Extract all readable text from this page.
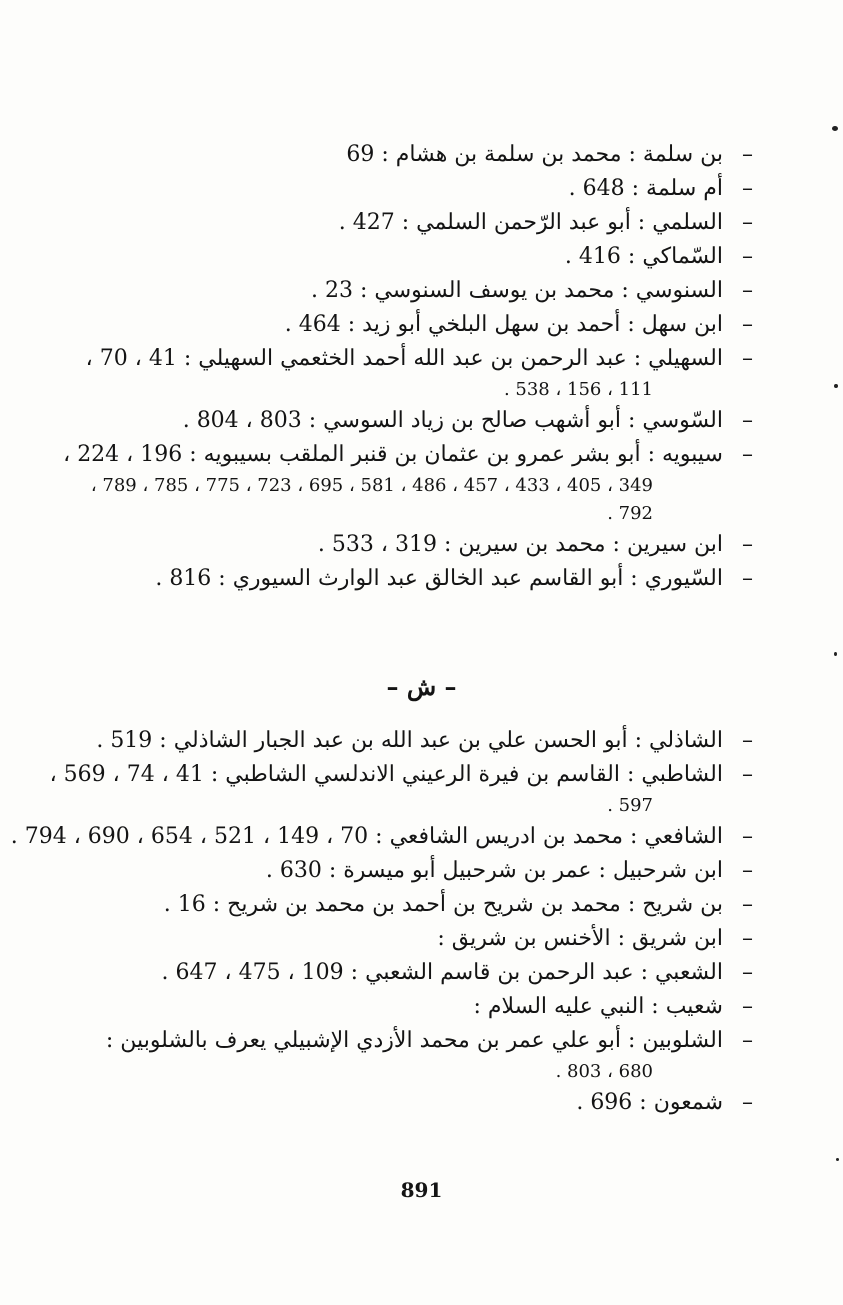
–
بن سلمة : محمد بن سلمة بن هشام : 69
–
أم سلمة : 648 .
–
السلمي : أبو عبد الرّحمن السلمي : 427 .
–
السّماكي : 416 .
–
السنوسي : محمد بن يوسف السنوسي : 23 .
–
ابن سهل : أحمد بن سهل البلخي أبو زيد : 464 .
–
السهيلي : عبد الرحمن بن عبد الله أحمد الخثعمي السهيلي : 41 ، 70 ،
111 ، 156 ، 538 .
–
السّوسي : أبو أشهب صالح بن زياد السوسي : 803 ، 804 .
–
سيبويه : أبو بشر عمرو بن عثمان بن قنبر الملقب بسيبويه : 196 ، 224 ،
349 ، 405 ، 433 ، 457 ، 486 ، 581 ، 695 ، 723 ، 775 ، 785 ، 789 ،
792 .
–
ابن سيرين : محمد بن سيرين : 319 ، 533 .
–
السّيوري : أبو القاسم عبد الخالق عبد الوارث السيوري : 816 .
– ش –
–
الشاذلي : أبو الحسن علي بن عبد الله بن عبد الجبار الشاذلي : 519 .
–
الشاطبي : القاسم بن فيرة الرعيني الاندلسي الشاطبي : 41 ، 74 ، 569 ،
597 .
–
الشافعي : محمد بن ادريس الشافعي : 70 ، 149 ، 521 ، 654 ، 690 ، 794 .
–
ابن شرحبيل : عمر بن شرحبيل أبو ميسرة : 630 .
–
بن شريح : محمد بن شريح بن أحمد بن محمد بن شريح : 16 .
–
ابن شريق : الأخنس بن شريق :
–
الشعبي : عبد الرحمن بن قاسم الشعبي : 109 ، 475 ، 647 .
–
شعيب : النبي عليه السلام :
–
الشلوبين : أبو علي عمر بن محمد الأزدي الإشبيلي يعرف بالشلوبين :
680 ، 803 .
–
شمعون : 696 .
891
